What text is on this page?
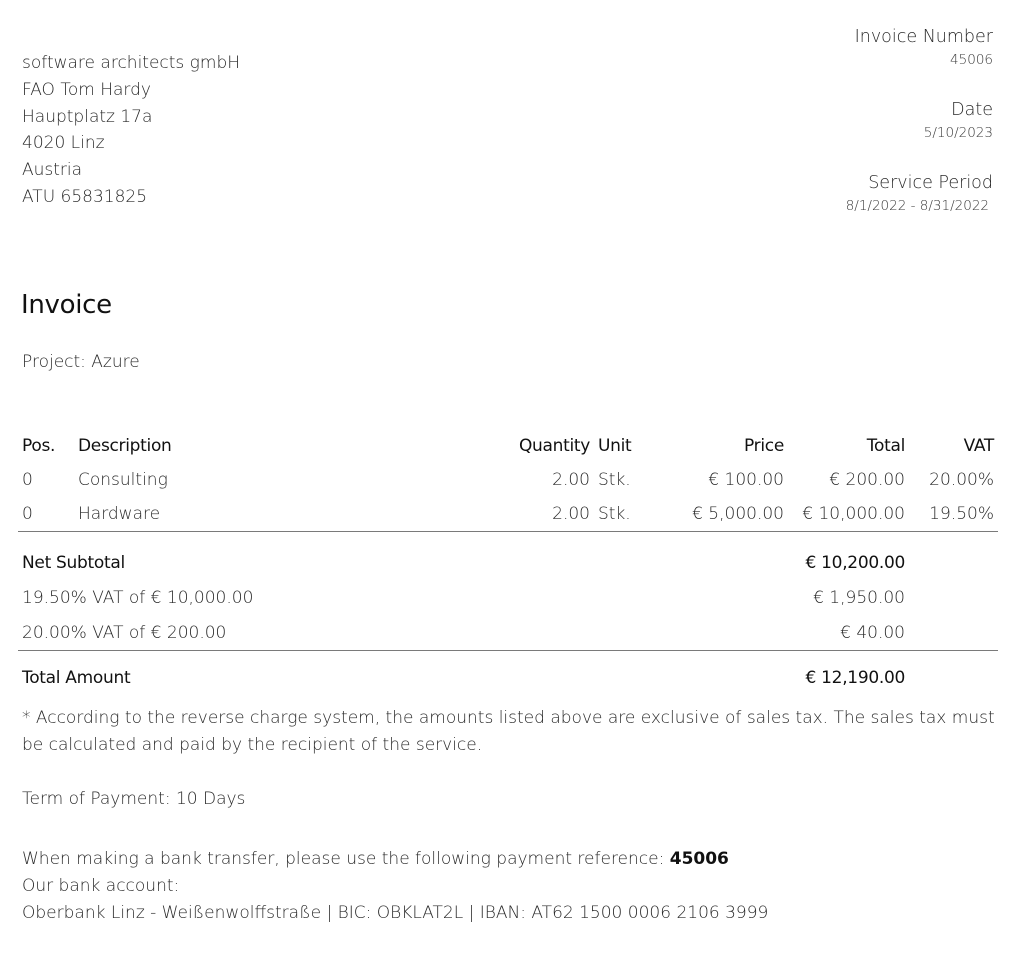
software architects gmbH
FAO Tom Hardy
Hauptplatz 17a
4020 Linz
Austria
ATU 65831825
Invoice Number
45006
Date
5/10/2023
Service Period
8/1/2022 - 8/31/2022
Invoice
Project: Azure
Pos.	Description	Quantity	Unit	Price	Total	VAT
0	Consulting	2.00	Stk.	€ 100.00	€ 200.00	20.00%
0	Hardware	2.00	Stk.	€ 5,000.00	€ 10,000.00	19.50%
Net Subtotal	€ 10,200.00	
19.50% VAT of € 10,000.00	€ 1,950.00	
20.00% VAT of € 200.00	€ 40.00	
Total Amount	€ 12,190.00	
* According to the reverse charge system, the amounts listed above are exclusive of sales tax. The sales tax must be calculated and paid by the recipient of the service.
Term of Payment: 10 Days
When making a bank transfer, please use the following payment reference: 45006
Our bank account:
Oberbank Linz - Weißenwolffstraße | BIC: OBKLAT2L | IBAN: AT62 1500 0006 2106 3999
